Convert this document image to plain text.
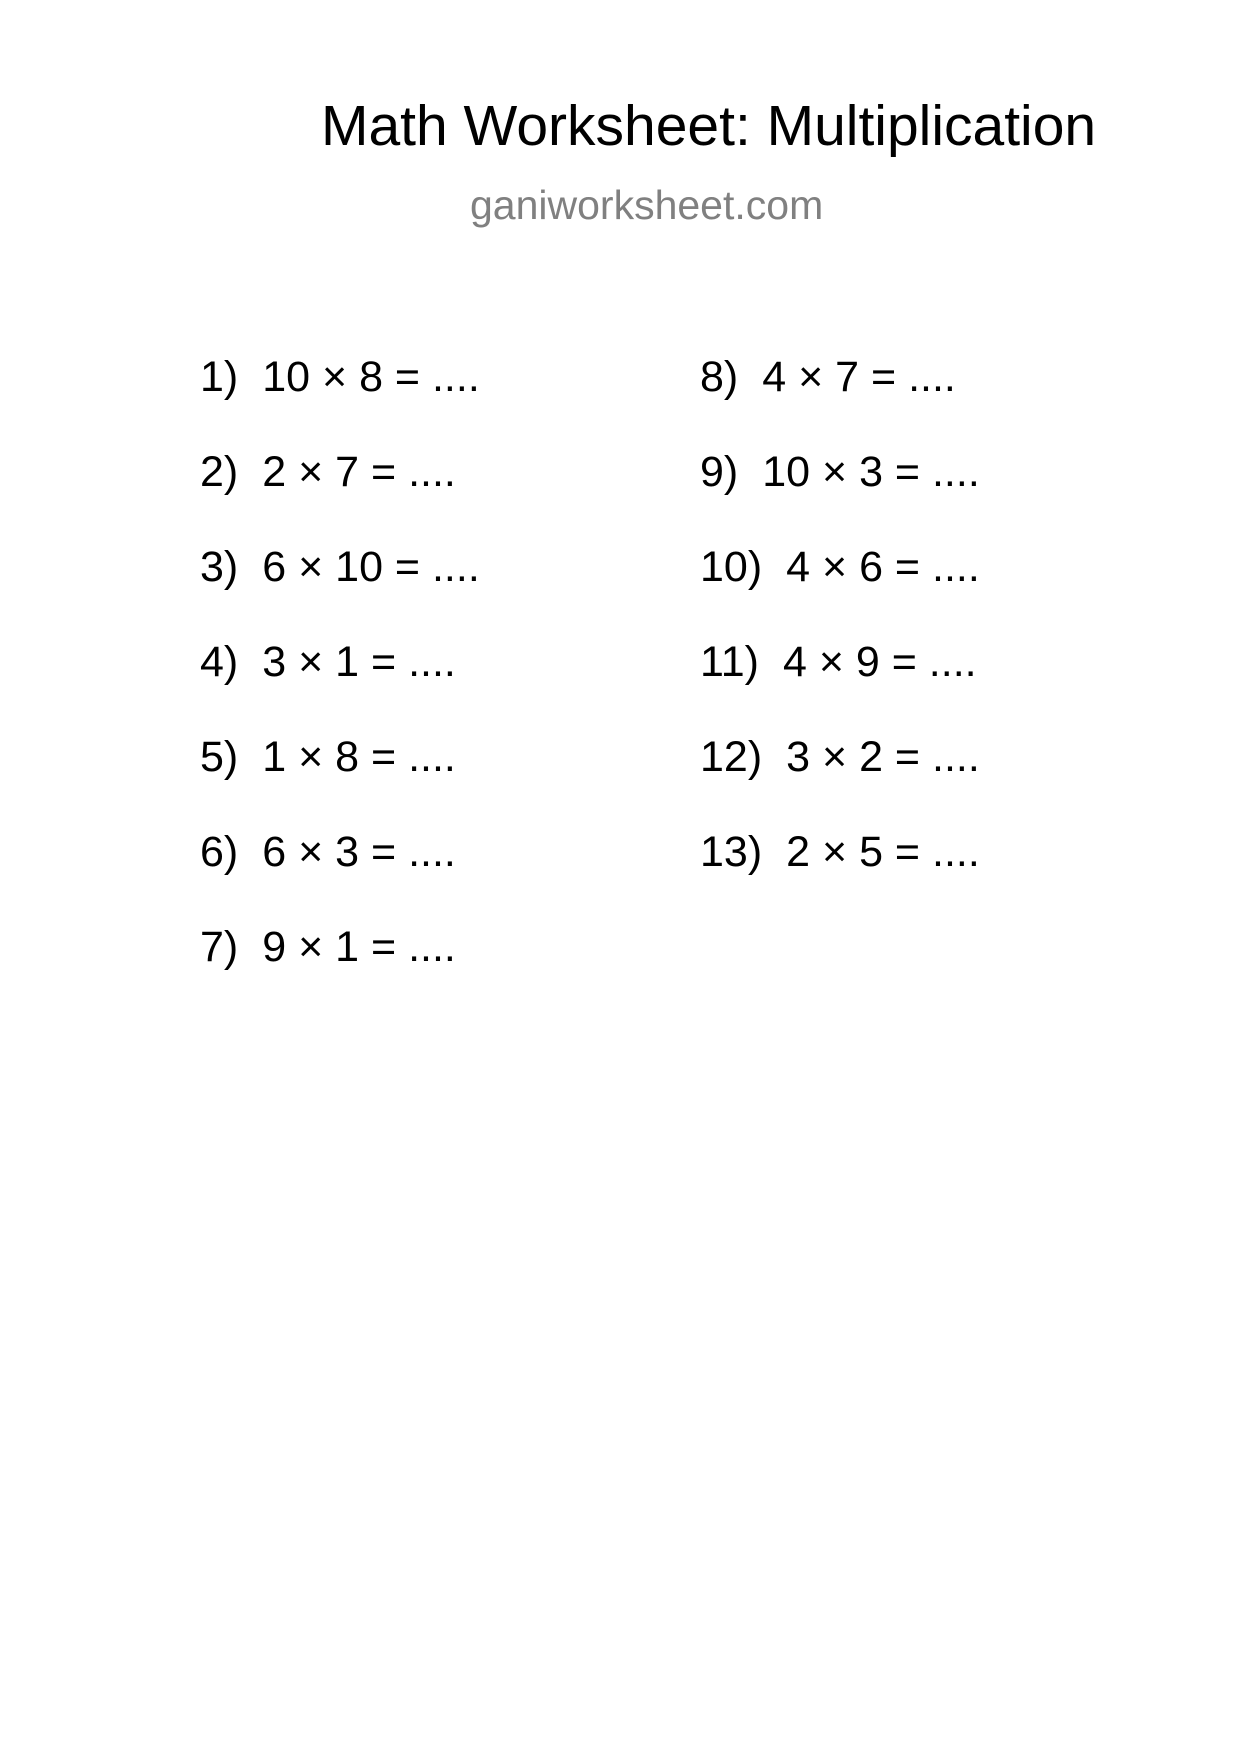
Math Worksheet: Multiplication
ganiworksheet.com
1) 10 × 8 = ....
2) 2 × 7 = ....
3) 6 × 10 = ....
4) 3 × 1 = ....
5) 1 × 8 = ....
6) 6 × 3 = ....
7) 9 × 1 = ....
8) 4 × 7 = ....
9) 10 × 3 = ....
10) 4 × 6 = ....
11) 4 × 9 = ....
12) 3 × 2 = ....
13) 2 × 5 = ....
